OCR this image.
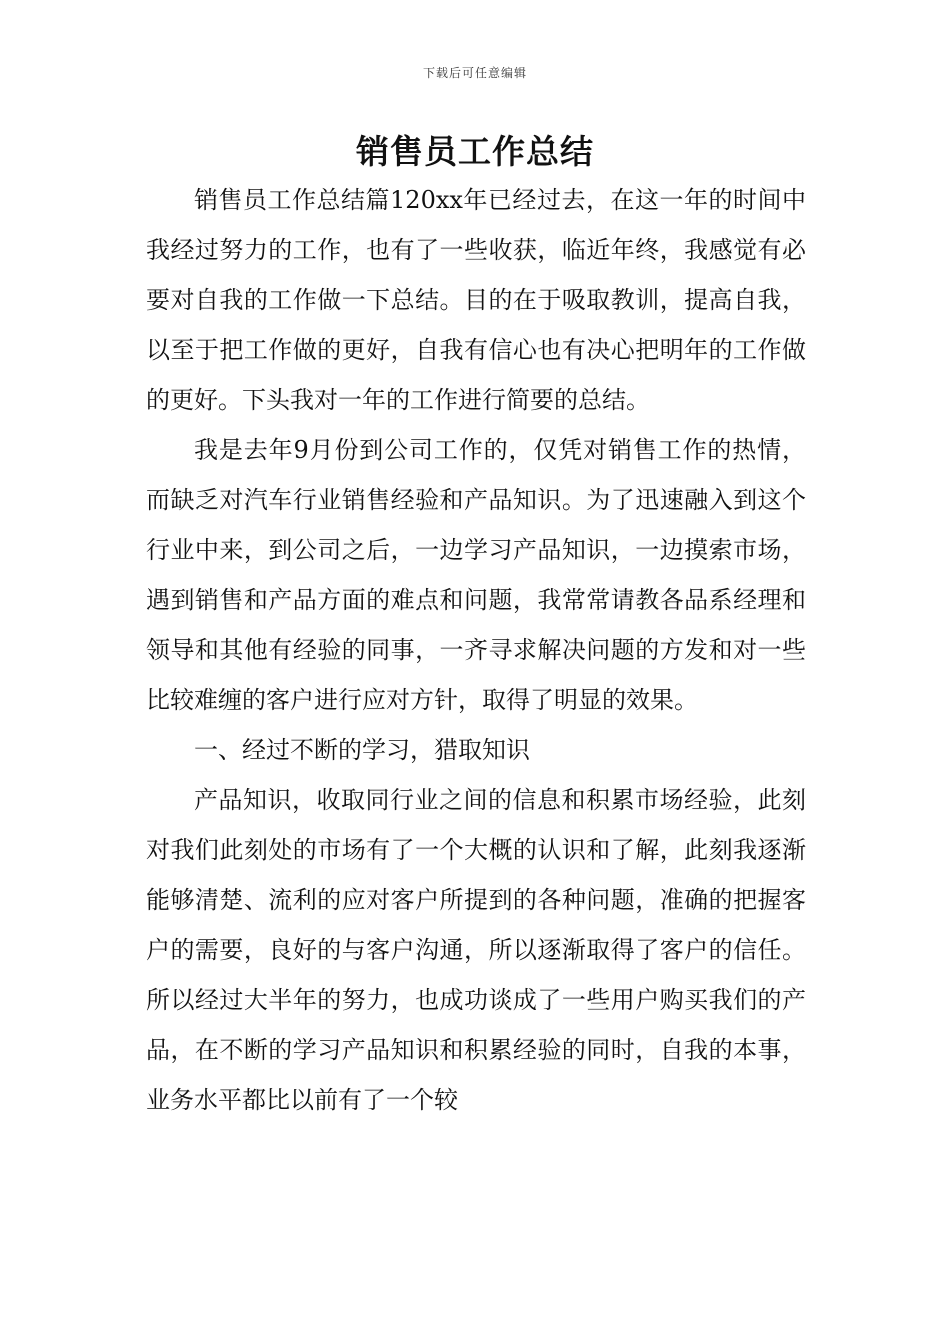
下载后可任意编辑
销售员工作总结

销售员工作总结篇120xx年已经过去，在这一年的时间中我经过努力的工作，也有了一些收获，临近年终，我感觉有必要对自我的工作做一下总结。目的在于吸取教训，提高自我，以至于把工作做的更好，自我有信心也有决心把明年的工作做的更好。下头我对一年的工作进行简要的总结。

我是去年9月份到公司工作的，仅凭对销售工作的热情，而缺乏对汽车行业销售经验和产品知识。为了迅速融入到这个行业中来，到公司之后，一边学习产品知识，一边摸索市场，遇到销售和产品方面的难点和问题，我常常请教各品系经理和领导和其他有经验的同事，一齐寻求解决问题的方发和对一些比较难缠的客户进行应对方针，取得了明显的效果。

一、经过不断的学习，猎取知识

产品知识，收取同行业之间的信息和积累市场经验，此刻对我们此刻处的市场有了一个大概的认识和了解，此刻我逐渐能够清楚、流利的应对客户所提到的各种问题，准确的把握客户的需要，良好的与客户沟通，所以逐渐取得了客户的信任。所以经过大半年的努力，也成功谈成了一些用户购买我们的产品，在不断的学习产品知识和积累经验的同时，自我的本事，业务水平都比以前有了一个较
